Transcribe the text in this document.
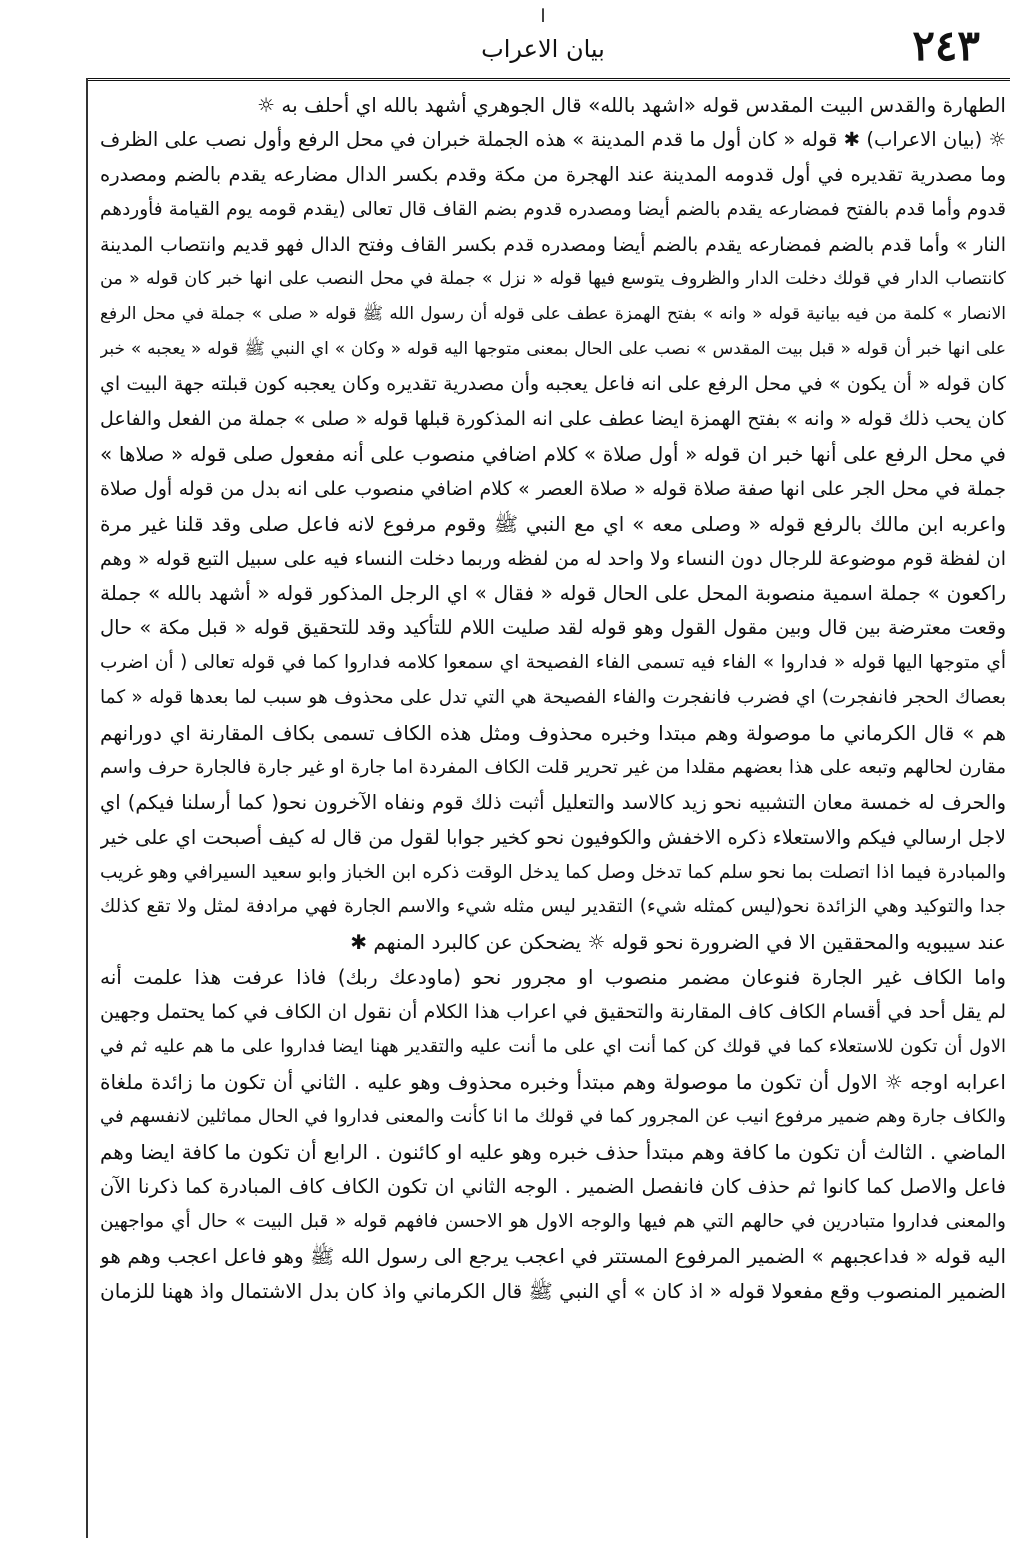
ا
٢٤٣
بيان الاعراب
الطهارة والقدس البيت المقدس قوله «اشهد بالله» قال الجوهري أشهد بالله اي أحلف به ☼
☼ (بيان الاعراب) ✱ قوله « كان أول ما قدم المدينة » هذه الجملة خبران في محل الرفع وأول نصب على الظرف
وما مصدرية تقديره في أول قدومه المدينة عند الهجرة من مكة وقدم بكسر الدال مضارعه يقدم بالضم ومصدره
قدوم وأما قدم بالفتح فمضارعه يقدم بالضم أيضا ومصدره قدوم بضم القاف قال تعالى (يقدم قومه يوم القيامة فأوردهم
النار » وأما قدم بالضم فمضارعه يقدم بالضم أيضا ومصدره قدم بكسر القاف وفتح الدال فهو قديم وانتصاب المدينة
كانتصاب الدار في قولك دخلت الدار والظروف يتوسع فيها قوله « نزل » جملة في محل النصب على انها خبر كان قوله « من
الانصار » كلمة من فيه بيانية قوله « وانه » بفتح الهمزة عطف على قوله أن رسول الله ﷺ قوله « صلى » جملة في محل الرفع
على انها خبر أن قوله « قبل بيت المقدس » نصب على الحال بمعنى متوجها اليه قوله « وكان » اي النبي ﷺ قوله « يعجبه » خبر
كان قوله « أن يكون » في محل الرفع على انه فاعل يعجبه وأن مصدرية تقديره وكان يعجبه كون قبلته جهة البيت اي
كان يحب ذلك قوله « وانه » بفتح الهمزة ايضا عطف على انه المذكورة قبلها قوله « صلى » جملة من الفعل والفاعل
في محل الرفع على أنها خبر ان قوله « أول صلاة » كلام اضافي منصوب على أنه مفعول صلى قوله « صلاها »
جملة في محل الجر على انها صفة صلاة قوله « صلاة العصر » كلام اضافي منصوب على انه بدل من قوله أول صلاة
واعربه ابن مالك بالرفع قوله « وصلى معه » اي مع النبي ﷺ وقوم مرفوع لانه فاعل صلى وقد قلنا غير مرة
ان لفظة قوم موضوعة للرجال دون النساء ولا واحد له من لفظه وربما دخلت النساء فيه على سبيل التبع قوله « وهم
راكعون » جملة اسمية منصوبة المحل على الحال قوله « فقال » اي الرجل المذكور قوله « أشهد بالله » جملة
وقعت معترضة بين قال وبين مقول القول وهو قوله لقد صليت اللام للتأكيد وقد للتحقيق قوله « قبل مكة » حال
أي متوجها اليها قوله « فداروا » الفاء فيه تسمى الفاء الفصيحة اي سمعوا كلامه فداروا كما في قوله تعالى ( أن اضرب
بعصاك الحجر فانفجرت) اي فضرب فانفجرت والفاء الفصيحة هي التي تدل على محذوف هو سبب لما بعدها قوله « كما
هم » قال الكرماني ما موصولة وهم مبتدا وخبره محذوف ومثل هذه الكاف تسمى بكاف المقارنة اي دورانهم
مقارن لحالهم وتبعه على هذا بعضهم مقلدا من غير تحرير قلت الكاف المفردة اما جارة او غير جارة فالجارة حرف واسم
والحرف له خمسة معان التشبيه نحو زيد كالاسد والتعليل أثبت ذلك قوم ونفاه الآخرون نحو( كما أرسلنا فيكم) اي
لاجل ارسالي فيكم والاستعلاء ذكره الاخفش والكوفيون نحو كخير جوابا لقول من قال له كيف أصبحت اي على خير
والمبادرة فيما اذا اتصلت بما نحو سلم كما تدخل وصل كما يدخل الوقت ذكره ابن الخباز وابو سعيد السيرافي وهو غريب
جدا والتوكيد وهي الزائدة نحو(ليس كمثله شيء) التقدير ليس مثله شيء والاسم الجارة فهي مرادفة لمثل ولا تقع كذلك
عند سيبويه والمحققين الا في الضرورة نحو قوله ☼ يضحكن عن كالبرد المنهم ✱
واما الكاف غير الجارة فنوعان مضمر منصوب او مجرور نحو (ماودعك ربك) فاذا عرفت هذا علمت أنه
لم يقل أحد في أقسام الكاف كاف المقارنة والتحقيق في اعراب هذا الكلام أن نقول ان الكاف في كما يحتمل وجهين
الاول أن تكون للاستعلاء كما في قولك كن كما أنت اي على ما أنت عليه والتقدير ههنا ايضا فداروا على ما هم عليه ثم في
اعرابه اوجه ☼ الاول أن تكون ما موصولة وهم مبتدأ وخبره محذوف وهو عليه . الثاني أن تكون ما زائدة ملغاة
والكاف جارة وهم ضمير مرفوع انيب عن المجرور كما في قولك ما انا كأنت والمعنى فداروا في الحال مماثلين لانفسهم في
الماضي . الثالث أن تكون ما كافة وهم مبتدأ حذف خبره وهو عليه او كائنون . الرابع أن تكون ما كافة ايضا وهم
فاعل والاصل كما كانوا ثم حذف كان فانفصل الضمير . الوجه الثاني ان تكون الكاف كاف المبادرة كما ذكرنا الآن
والمعنى فداروا متبادرين في حالهم التي هم فيها والوجه الاول هو الاحسن فافهم قوله « قبل البيت » حال أي مواجهين
اليه قوله « فداعجبهم » الضمير المرفوع المستتر في اعجب يرجع الى رسول الله ﷺ وهو فاعل اعجب وهم هو
الضمير المنصوب وقع مفعولا قوله « اذ كان » أي النبي ﷺ قال الكرماني واذ كان بدل الاشتمال واذ ههنا للزمان
